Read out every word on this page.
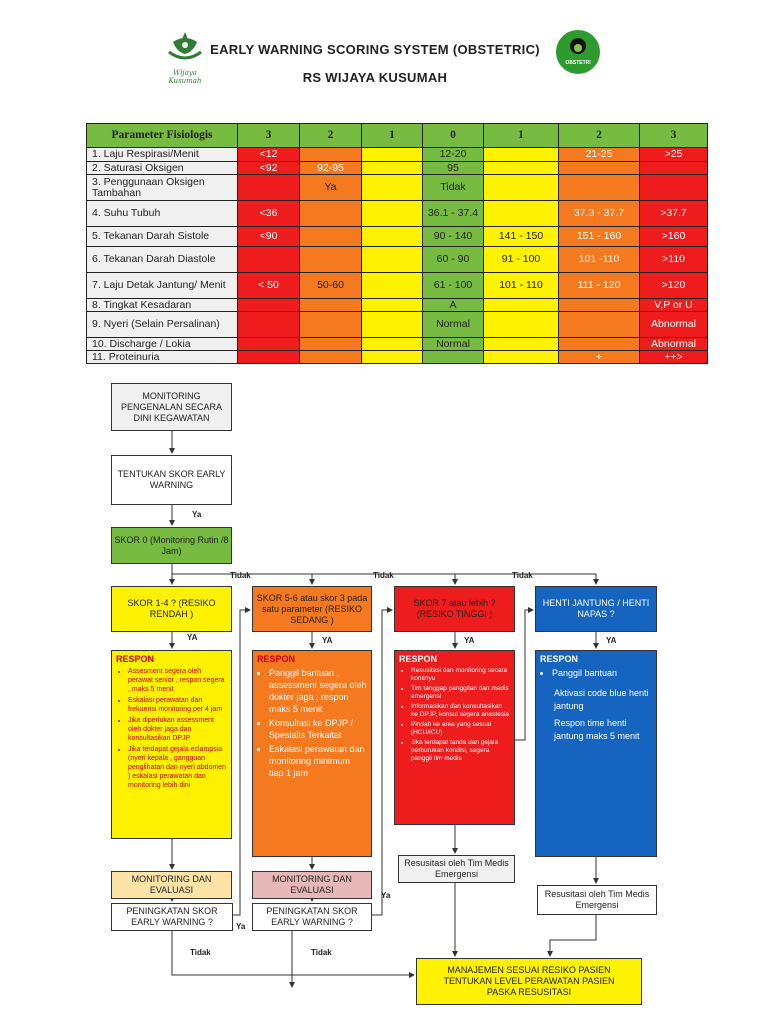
Wijaya Kusumah
OBSTETRI
EARLY WARNING SCORING SYSTEM (OBSTETRIC)
RS WIJAYA KUSUMAH
Parameter Fisiologis	3	2	1	0	1	2	3
1. Laju Respirasi/Menit	<12			12-20		21-25	>25
2. Saturasi Oksigen	<92	92-95		95			
3. Penggunaan Oksigen Tambahan		Ya		Tidak			
4. Suhu Tubuh	<36			36.1 - 37.4		37.3 - 37.7	>37.7
5. Tekanan Darah Sistole	<90			90 - 140	141 - 150	151 - 160	>160
6. Tekanan Darah Diastole				60 - 90	91 - 100	101 -110	>110
7. Laju Detak Jantung/ Menit	< 50	50-60		61 - 100	101 - 110	111 - 120	>120
8. Tingkat Kesadaran				A			V,P or U
9. Nyeri (Selain Persalinan)				Normal			Abnormal
10. Discharge / Lokia				Normal			Abnormal
11. Proteinuria						+	++>
MONITORING PENGENALAN SECARA DINI KEGAWATAN
TENTUKAN SKOR EARLY WARNING
Ya
SKOR 0 (Monitoring Rutin /8 Jam)
Tidak	Tidak	Tidak
SKOR 1-4 ? (RESIKO RENDAH )
SKOR 5-6 atau skor 3 pada satu parameter (RESIKO SEDANG )
SKOR 7 atau lebih ? (RESIKO TINGGI )
HENTI JANTUNG / HENTI NAPAS ?
YA	YA	YA	YA
RESPON
• Assesment segera oleh perawat senior , respon segera , maks 5 menit
• Eskalasi perawatan dan frekuensi monitoring per 4 jam
• Jika diperlukan assessment oleh dokter jaga dan konsultasikan DPJP
• Jika terdapat gejala eclampsia (nyeri kepala , gangguan penglihatan dan nyeri abdomen ) eskalasi perawatan dan monitoring lebih dini
RESPON
• Panggil bantuan , assessment segera oleh dokter jaga , respon maks 5 menit
• Konsultasi ke DPJP / Spesialis Terkaitat
• Eskalasi perawatan dan monitoring minimum tiap 1 jam
RESPON
• Resusitasi dan monitoring secara kontinyu
• Tim tanggap panggilan dan medis emergensi
• Informasikan dan konsultasikan ke DPJP, konsul segera anestesia
• Pindah ke area yang sesuai (HCU/ICU)
• Jika terdapat tanda dan gejala perburukan kondisi, segera panggil tim medis
RESPON
• Panggil bantuan
Aktivasi code blue henti jantung
Respon time henti jantung maks 5 menit
MONITORING DAN EVALUASI
MONITORING DAN EVALUASI
PENINGKATAN SKOR EARLY WARNING ?
PENINGKATAN SKOR EARLY WARNING ?
Resusitasi oleh Tim Medis Emergensi
Resusitasi oleh Tim Medis Emergensi
Ya
Ya
Tidak	Tidak
MANAJEMEN SESUAI RESIKO PASIEN TENTUKAN LEVEL PERAWATAN PASIEN PASKA RESUSITASI
